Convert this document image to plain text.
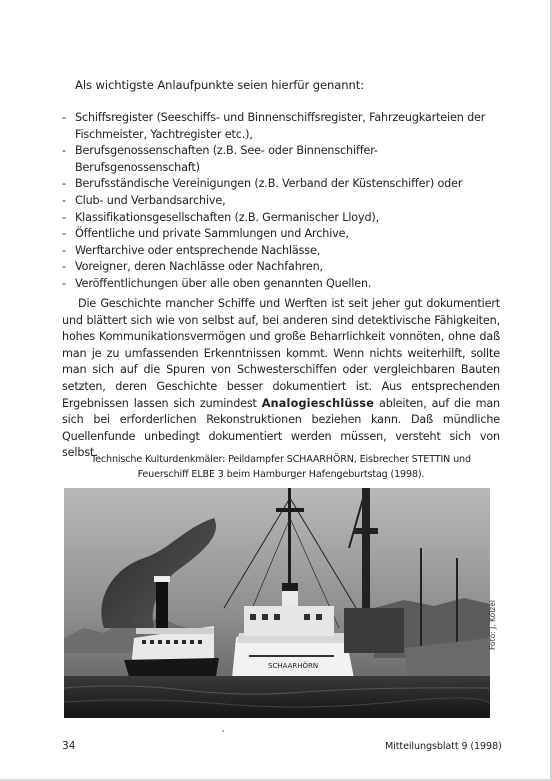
Als wichtigste Anlaufpunkte seien hierfür genannt:
- Schiffsregister (Seeschiffs- und Binnenschiffsregister, Fahrzeugkarteien der Fischmeister, Yachtregister etc.),
- Berufsgenossenschaften (z.B. See- oder Binnenschiffer-Berufsgenossenschaft)
- Berufsständische Vereinigungen (z.B. Verband der Küstenschiffer) oder
- Club- und Verbandsarchive,
- Klassifikationsgesellschaften (z.B. Germanischer Lloyd),
- Öffentliche und private Sammlungen und Archive,
- Werftarchive oder entsprechende Nachlässe,
- Voreigner, deren Nachlässe oder Nachfahren,
- Veröffentlichungen über alle oben genannten Quellen.

Die Geschichte mancher Schiffe und Werften ist seit jeher gut dokumentiert und blättert sich wie von selbst auf, bei anderen sind detektivische Fähigkeiten, hohes Kommunikationsvermögen und große Beharrlichkeit vonnöten, ohne daß man je zu umfassenden Erkenntnissen kommt. Wenn nichts weiterhilft, sollte man sich auf die Spuren von Schwesterschiffen oder vergleichbaren Bauten setzten, deren Geschichte besser dokumentiert ist. Aus entsprechenden Ergebnissen lassen sich zumindest Analogieschlüsse ableiten, auf die man sich bei erforderlichen Rekonstruktionen beziehen kann. Daß mündliche Quellenfunde unbedingt dokumentiert werden müssen, versteht sich von selbst.

Technische Kulturdenkmäler: Peildampfer SCHAARHÖRN, Eisbrecher STETTIN und Feuerschiff ELBE 3 beim Hamburger Hafengeburtstag (1998).
SCHAARHÖRN
Foto: J. Kölzel
34	Mitteilungsblatt 9 (1998)
